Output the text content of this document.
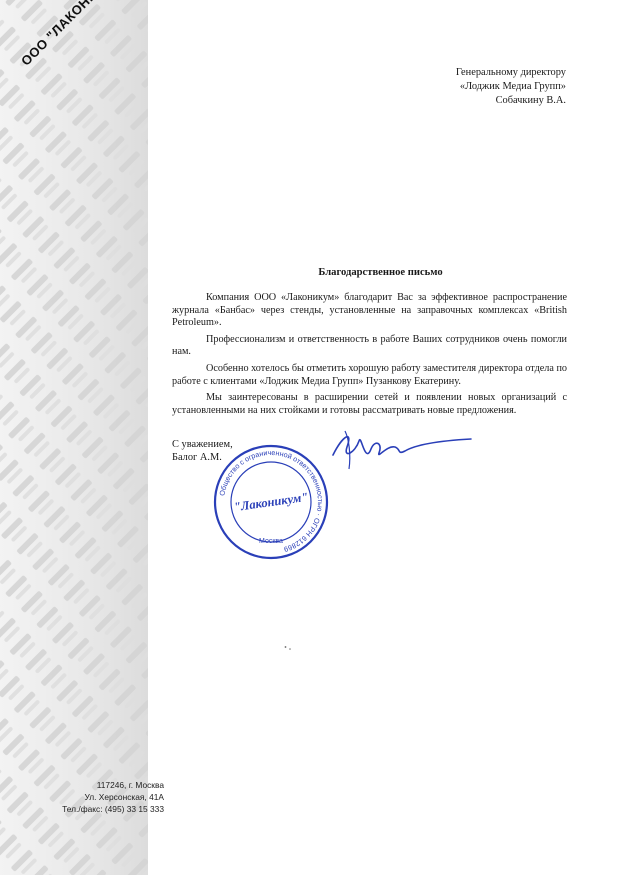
117246, г. Москва
Ул. Херсонская, 41А
Тел./факс: (495) 33 15 333
Генеральному директору
«Лоджик Медиа Групп»
Собачкину В.А.
Благодарственное письмо

Компания ООО «Лаконикум» благодарит Вас за эффективное распространение журнала «Банбас» через стенды, установленные на заправочных комплексах «British Petroleum».

Профессионализм и ответственность в работе Ваших сотрудников очень помогли нам.

Особенно хотелось бы отметить хорошую работу заместителя директора отдела по работе с клиентами «Лоджик Медиа Групп» Пузанкову Екатерину.

Мы заинтересованы в расширении сетей и появлении новых организаций с установленными на них стойками и готовы рассматривать новые предложения.

С уважением,
Балог А.М.
Общество с ограниченной ответственностью · ОГРН 612869
"Лаконикум"
Москва
